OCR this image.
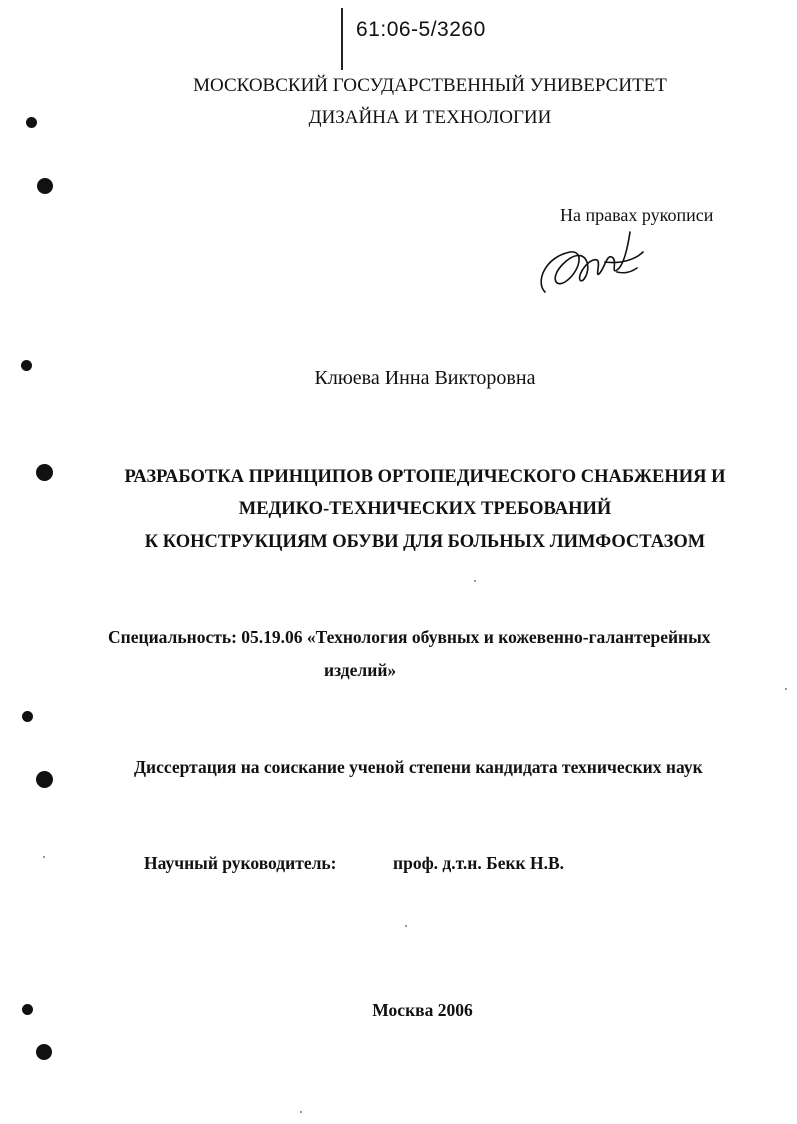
61:06-5/3260
МОСКОВСКИЙ ГОСУДАРСТВЕННЫЙ УНИВЕРСИТЕТ
ДИЗАЙНА И ТЕХНОЛОГИИ
На правах рукописи
Клюева Инна Викторовна
РАЗРАБОТКА ПРИНЦИПОВ ОРТОПЕДИЧЕСКОГО СНАБЖЕНИЯ И
МЕДИКО-ТЕХНИЧЕСКИХ ТРЕБОВАНИЙ
К КОНСТРУКЦИЯМ ОБУВИ ДЛЯ БОЛЬНЫХ ЛИМФОСТАЗОМ
Специальность: 05.19.06 «Технология обувных и кожевенно-галантерейных
изделий»
Диссертация на соискание ученой степени кандидата технических наук
Научный руководитель:	проф. д.т.н. Бекк Н.В.
Москва 2006
